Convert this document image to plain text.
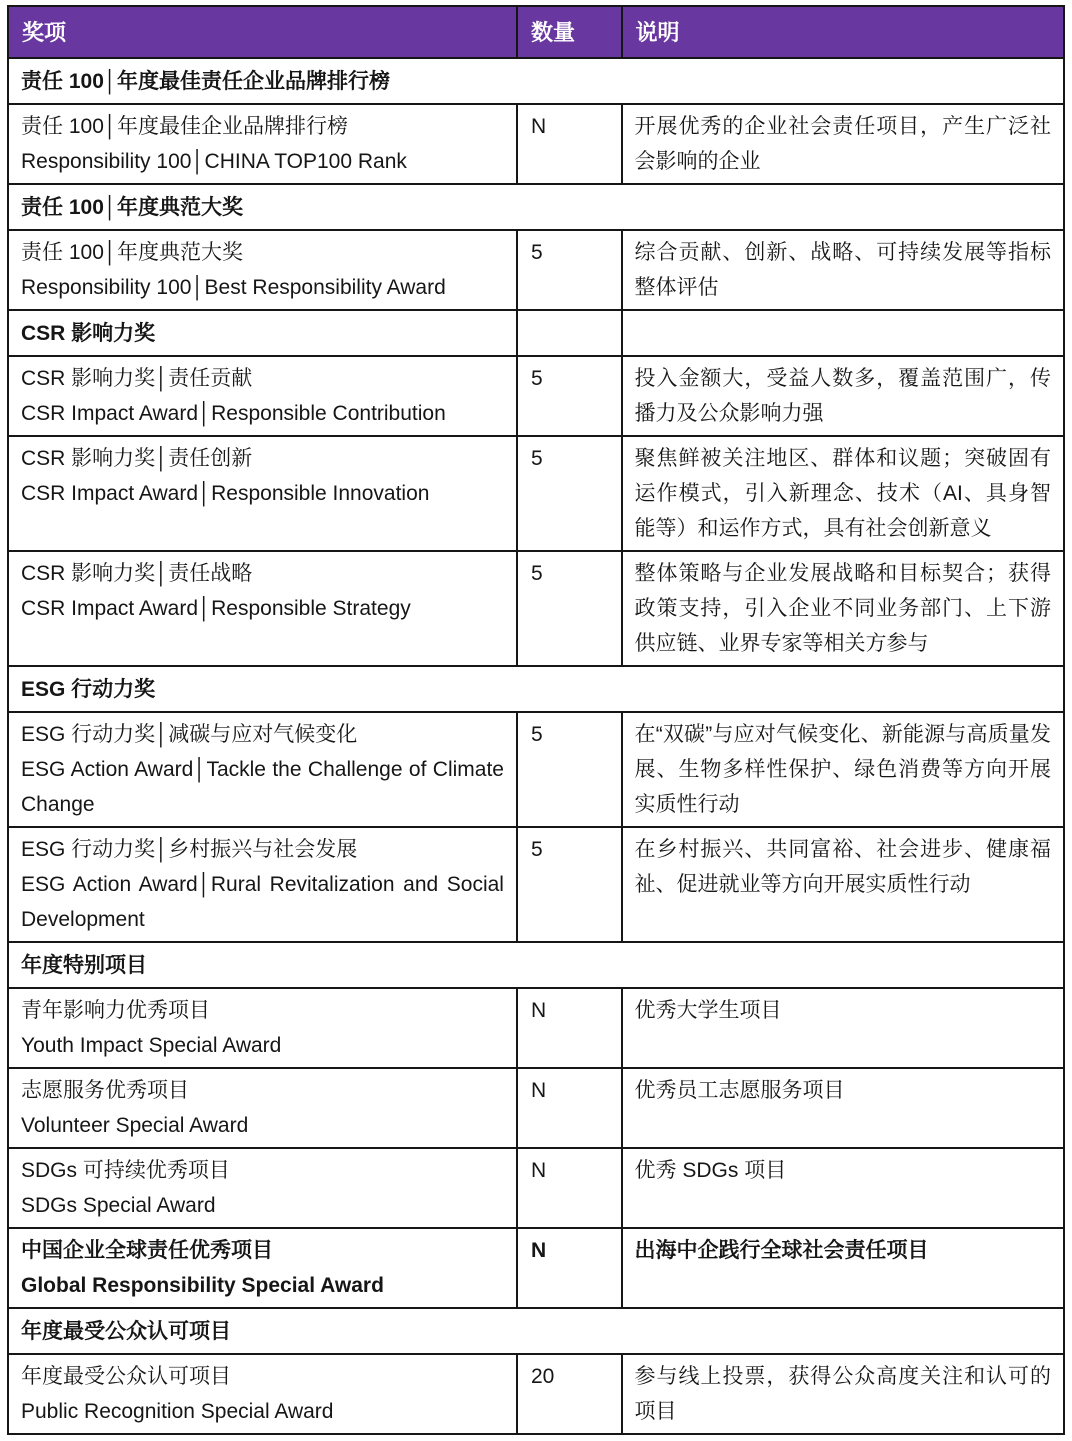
奖项	数量	说明
责任 100│年度最佳责任企业品牌排行榜		

责任 100│年度最佳企业品牌排行榜
Responsibility 100│CHINA TOP100 Rank	N	开展优秀的企业社会责任项目，产生广泛社会影响的企业
责任 100│年度典范大奖		

责任 100│年度典范大奖
Responsibility 100│Best Responsibility Award	5	综合贡献、创新、战略、可持续发展等指标整体评估
CSR 影响力奖		

CSR 影响力奖│责任贡献
CSR Impact Award│Responsible Contribution	5	投入金额大，受益人数多，覆盖范围广，传播力及公众影响力强

CSR 影响力奖│责任创新
CSR Impact Award│Responsible Innovation	5	聚焦鲜被关注地区、群体和议题；突破固有运作模式，引入新理念、技术（AI、具身智能等）和运作方式，具有社会创新意义

CSR 影响力奖│责任战略
CSR Impact Award│Responsible Strategy	5	整体策略与企业发展战略和目标契合；获得政策支持，引入企业不同业务部门、上下游供应链、业界专家等相关方参与
ESG 行动力奖		

ESG 行动力奖│减碳与应对气候变化
ESG Action Award│Tackle the Challenge of Climate Change	5	在“双碳”与应对气候变化、新能源与高质量发展、生物多样性保护、绿色消费等方向开展实质性行动

ESG 行动力奖│乡村振兴与社会发展
ESG Action Award│Rural Revitalization and Social Development	5	在乡村振兴、共同富裕、社会进步、健康福祉、促进就业等方向开展实质性行动
年度特别项目		

青年影响力优秀项目
Youth Impact Special Award	N	优秀大学生项目

志愿服务优秀项目
Volunteer Special Award	N	优秀员工志愿服务项目

SDGs 可持续优秀项目
SDGs Special Award	N	优秀 SDGs 项目

中国企业全球责任优秀项目
Global Responsibility Special Award	N	出海中企践行全球社会责任项目
年度最受公众认可项目		

年度最受公众认可项目
Public Recognition Special Award	20	参与线上投票，获得公众高度关注和认可的项目
